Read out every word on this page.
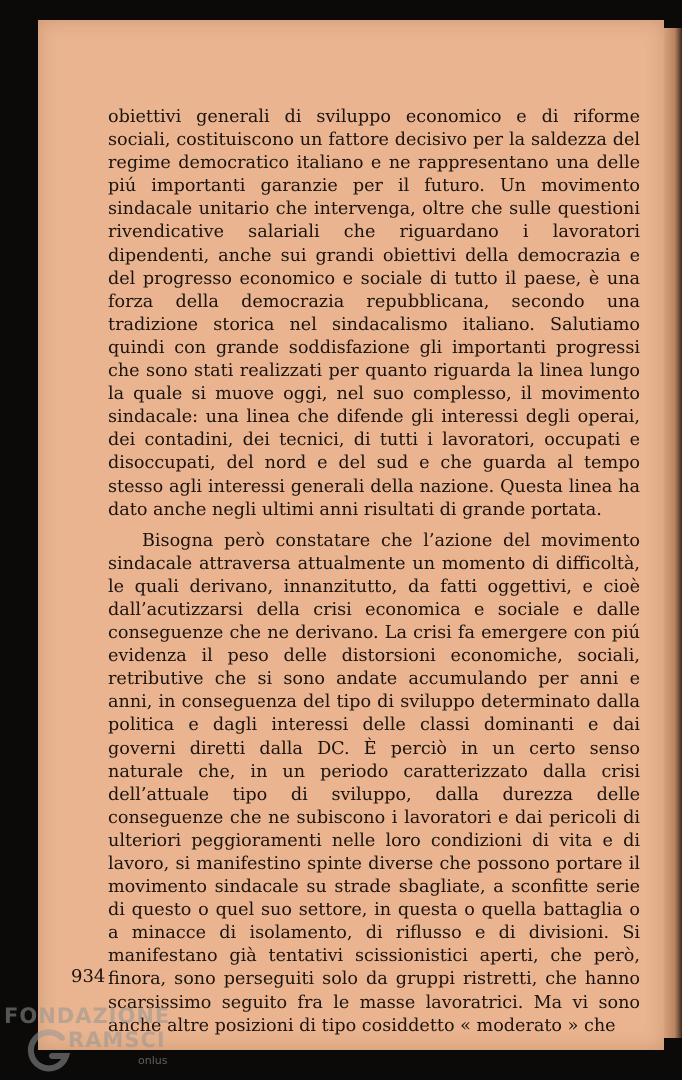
obiettivi generali di sviluppo economico e di riforme sociali, costituiscono un fattore decisivo per la saldezza del regime democratico italiano e ne rappresentano una delle piú importanti garanzie per il futuro. Un movimento sindacale unitario che intervenga, oltre che sulle questioni rivendicative salariali che riguardano i lavoratori dipendenti, anche sui grandi obiettivi della democrazia e del progresso economico e sociale di tutto il paese, è una forza della democrazia repubblicana, secondo una tradizione storica nel sindacalismo italiano. Salutiamo quindi con grande soddisfazione gli importanti progressi che sono stati realizzati per quanto riguarda la linea lungo la quale si muove oggi, nel suo complesso, il movimento sindacale: una linea che difende gli interessi degli operai, dei contadini, dei tecnici, di tutti i lavoratori, occupati e disoccupati, del nord e del sud e che guarda al tempo stesso agli interessi generali della nazione. Questa linea ha dato anche negli ultimi anni risultati di grande portata.

Bisogna però constatare che l’azione del movimento sindacale attraversa attualmente un momento di difficoltà, le quali derivano, innanzitutto, da fatti oggettivi, e cioè dall’acutizzarsi della crisi economica e sociale e dalle conseguenze che ne derivano. La crisi fa emergere con piú evidenza il peso delle distorsioni economiche, sociali, retributive che si sono andate accumulando per anni e anni, in conseguenza del tipo di sviluppo determinato dalla politica e dagli interessi delle classi dominanti e dai governi diretti dalla DC. È perciò in un certo senso naturale che, in un periodo caratterizzato dalla crisi dell’attuale tipo di sviluppo, dalla durezza delle conseguenze che ne subiscono i lavoratori e dai pericoli di ulteriori peggioramenti nelle loro condizioni di vita e di lavoro, si manifestino spinte diverse che possono portare il movimento sindacale su strade sbagliate, a sconfitte serie di questo o quel suo settore, in questa o quella battaglia o a minacce di isolamento, di riflusso e di divisioni. Si manifestano già tentativi scissionistici aperti, che però, finora, sono perseguiti solo da gruppi ristretti, che hanno scarsissimo seguito fra le masse lavoratrici. Ma vi sono anche altre posizioni di tipo cosiddetto « moderato » che

934
FONDAZIONE
RAMSCI
onlus
